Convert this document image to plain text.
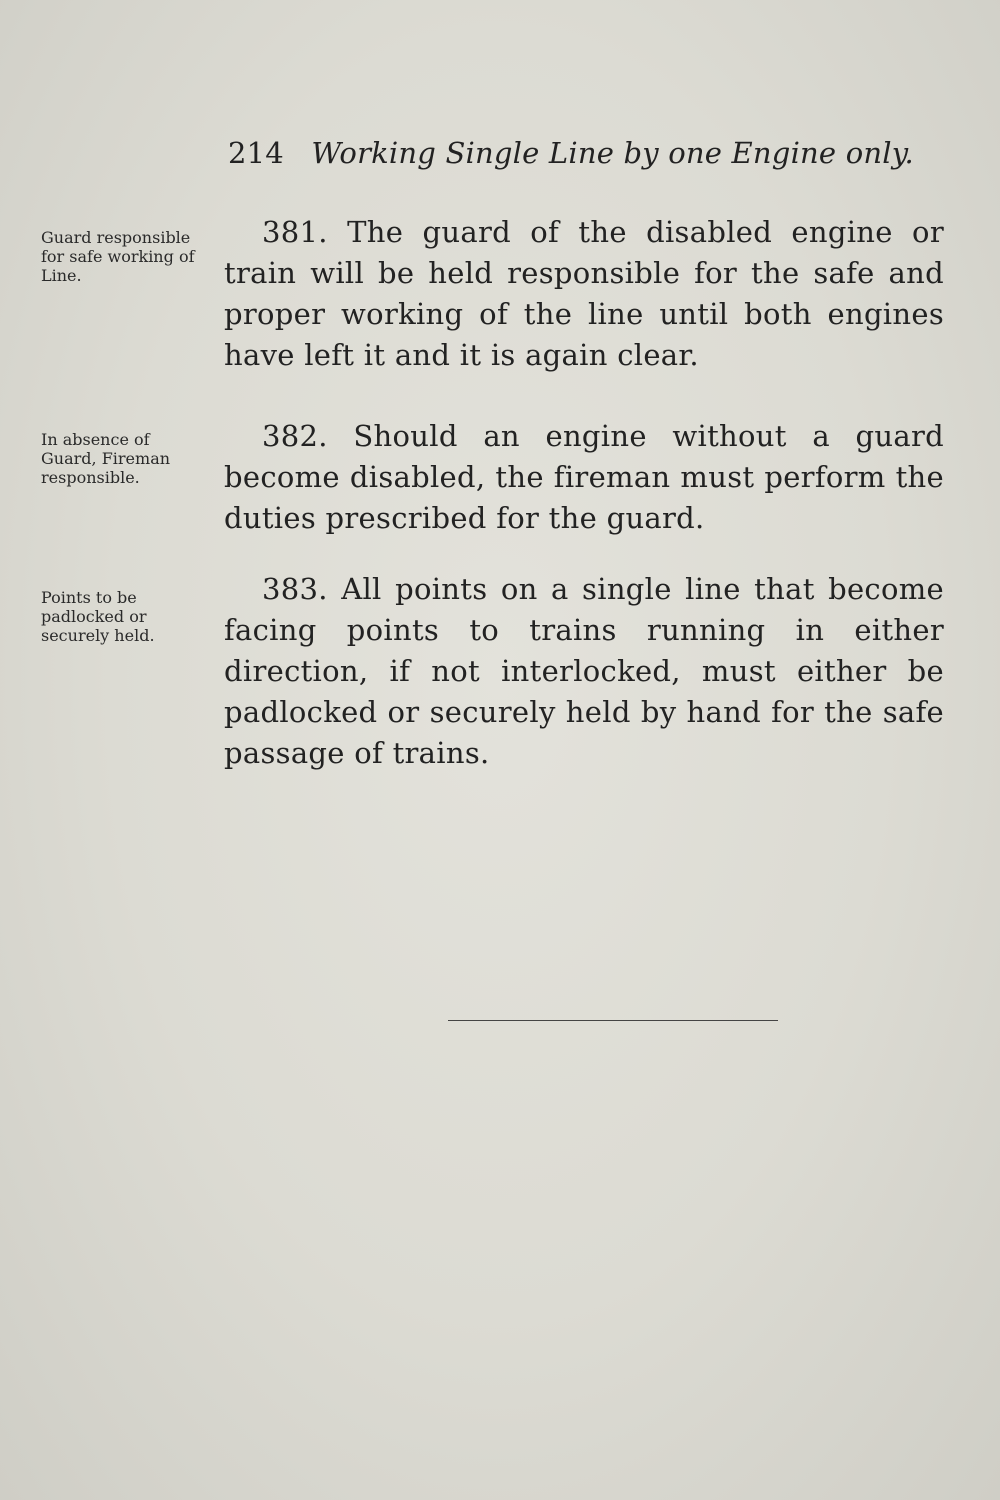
214 Working Single Line by one Engine only.
Guard responsible for safe working of Line.
381. The guard of the disabled engine or train will be held responsible for the safe and proper working of the line until both engines have left it and it is again clear.
In absence of Guard, Fireman responsible.
382. Should an engine without a guard become disabled, the fireman must perform the duties prescribed for the guard.
Points to be padlocked or securely held.
383. All points on a single line that become facing points to trains running in either direction, if not interlocked, must either be padlocked or securely held by hand for the safe passage of trains.
